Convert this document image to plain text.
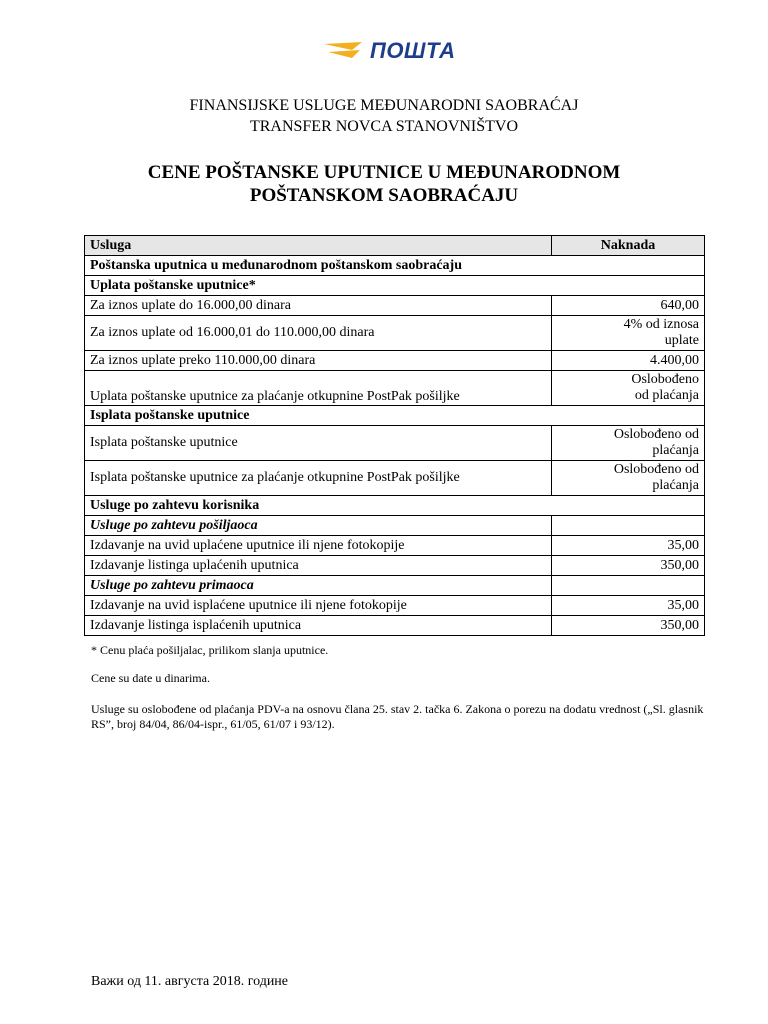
ПОШТА
FINANSIJSKE USLUGE MEĐUNARODNI SAOBRAĆAJ
TRANSFER NOVCA STANOVNIŠTVO
CENE POŠTANSKE UPUTNICE U MEĐUNARODNOM
POŠTANSKOM SAOBRAĆAJU
Usluga	Naknada
Poštanska uputnica u međunarodnom poštanskom saobraćaju	
Uplata poštanske uputnice*	
Za iznos uplate do 16.000,00 dinara	640,00
Za iznos uplate od 16.000,01 do 110.000,00 dinara	4% od iznosa
uplate

Za iznos uplate preko 110.000,00 dinara	4.400,00
Uplata poštanske uputnice za plaćanje otkupnine PostPak pošiljke	Oslobođeno
od plaćanja

Isplata poštanske uputnice	
Isplata poštanske uputnice	Oslobođeno od
plaćanja

Isplata poštanske uputnice za plaćanje otkupnine PostPak pošiljke	Oslobođeno od
plaćanja

Usluge po zahtevu korisnika	
Usluge po zahtevu pošiljaoca	
Izdavanje na uvid uplaćene uputnice ili njene fotokopije	35,00
Izdavanje listinga uplaćenih uputnica	350,00
Usluge po zahtevu primaoca	
Izdavanje na uvid isplaćene uputnice ili njene fotokopije	35,00
Izdavanje listinga isplaćenih uputnica	350,00
* Cenu plaća pošiljalac, prilikom slanja uputnice.
Cene su date u dinarima.
Usluge su oslobođene od plaćanja PDV-a na osnovu člana 25. stav 2. tačka 6. Zakona o porezu na dodatu vrednost („Sl. glasnik RS”, broj 84/04, 86/04-ispr., 61/05, 61/07 i 93/12).
Важи од 11. августа 2018. године
